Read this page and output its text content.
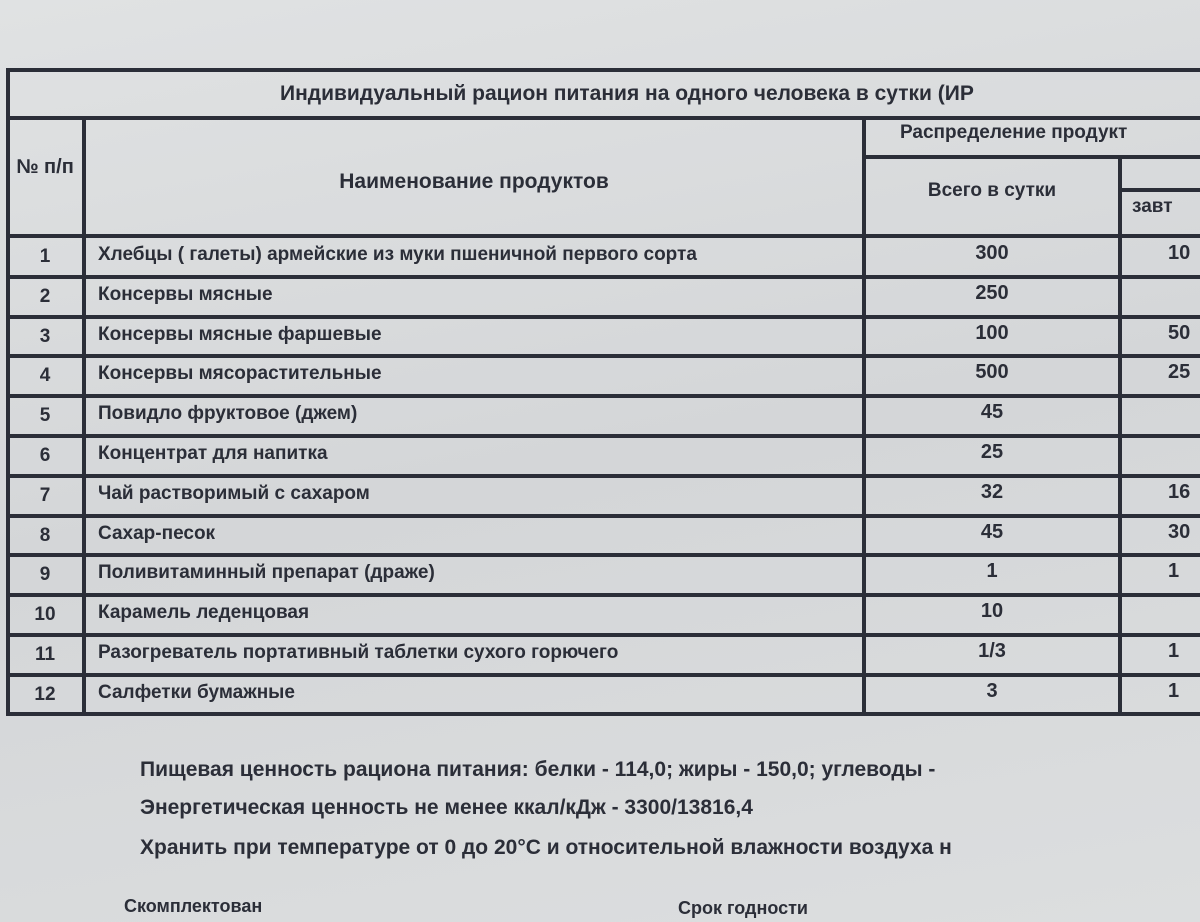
Индивидуальный рацион питания на одного человека в сутки (ИР
№ п/п
Наименование продуктов
Распределение продукт
Всего в сутки
завт
1	Хлебцы ( галеты) армейские из муки пшеничной первого сорта	300	10
2	Консервы мясные	250
3	Консервы мясные фаршевые	100	50
4	Консервы мясорастительные	500	25
5	Повидло фруктовое (джем)	45
6	Концентрат для напитка	25
7	Чай растворимый с сахаром	32	16
8	Сахар-песок	45	30
9	Поливитаминный препарат (драже)	1	1
10	Карамель леденцовая	10
11	Разогреватель портативный таблетки сухого горючего	1/3	1
12	Салфетки бумажные	3	1
Пищевая ценность рациона питания: белки - 114,0; жиры - 150,0; углеводы -
Энергетическая ценность не менее ккал/кДж - 3300/13816,4
Хранить при температуре от 0 до 20°С и относительной влажности воздуха н
Скомплектован	Срок годности
